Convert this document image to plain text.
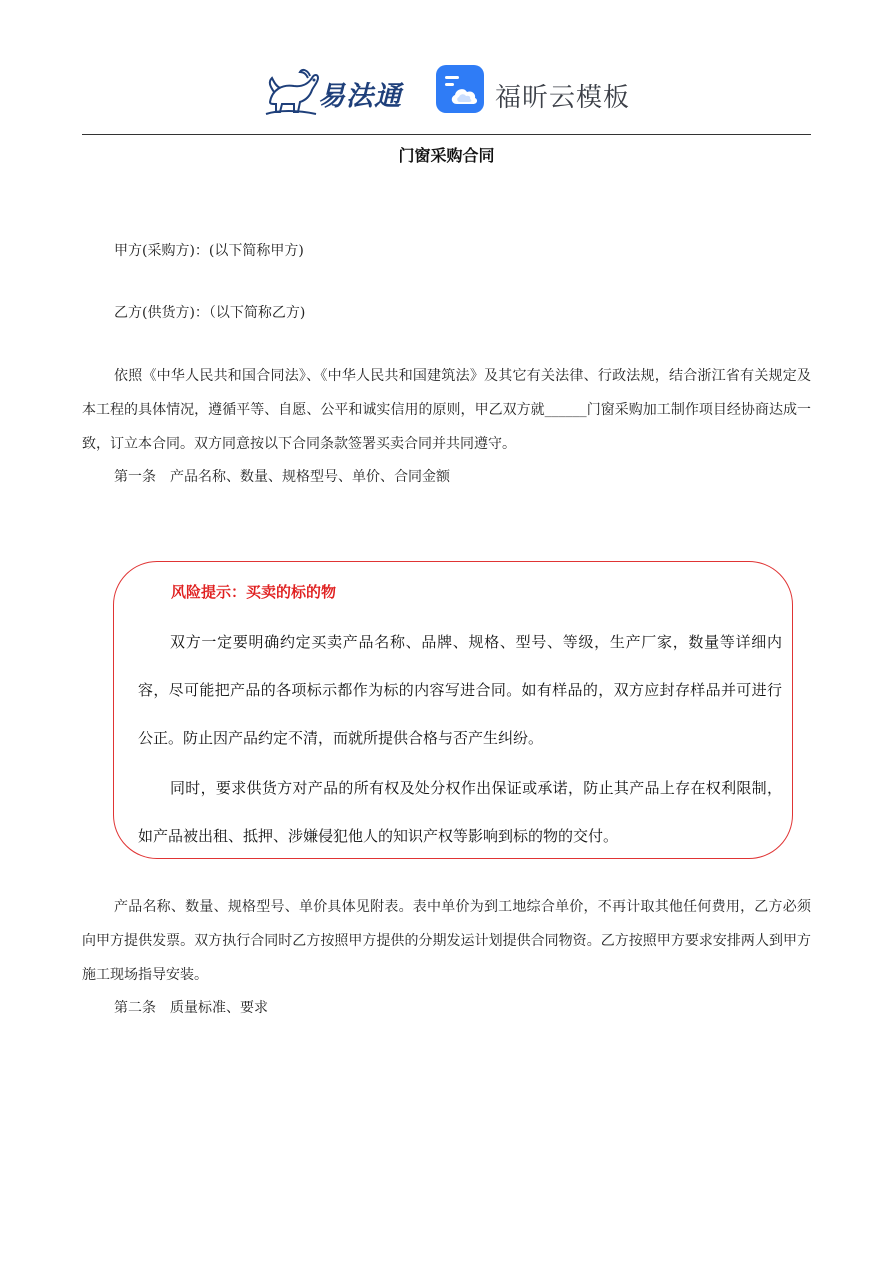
易法通	福昕云模板
门窗采购合同

甲方(采购方)：(以下简称甲方)

乙方(供货方)：（以下简称乙方)

依照《中华人民共和国合同法》、《中华人民共和国建筑法》及其它有关法律、行政法规，结合浙江省有关规定及本工程的具体情况，遵循平等、自愿、公平和诚实信用的原则，甲乙双方就______门窗采购加工制作项目经协商达成一致，订立本合同。双方同意按以下合同条款签署买卖合同并共同遵守。

第一条　产品名称、数量、规格型号、单价、合同金额

风险提示：买卖的标的物

双方一定要明确约定买卖产品名称、品牌、规格、型号、等级，生产厂家，数量等详细内容，尽可能把产品的各项标示都作为标的内容写进合同。如有样品的，双方应封存样品并可进行公正。防止因产品约定不清，而就所提供合格与否产生纠纷。

同时，要求供货方对产品的所有权及处分权作出保证或承诺，防止其产品上存在权利限制，如产品被出租、抵押、涉嫌侵犯他人的知识产权等影响到标的物的交付。

产品名称、数量、规格型号、单价具体见附表。表中单价为到工地综合单价，不再计取其他任何费用，乙方必须向甲方提供发票。双方执行合同时乙方按照甲方提供的分期发运计划提供合同物资。乙方按照甲方要求安排两人到甲方施工现场指导安装。

第二条　质量标准、要求
